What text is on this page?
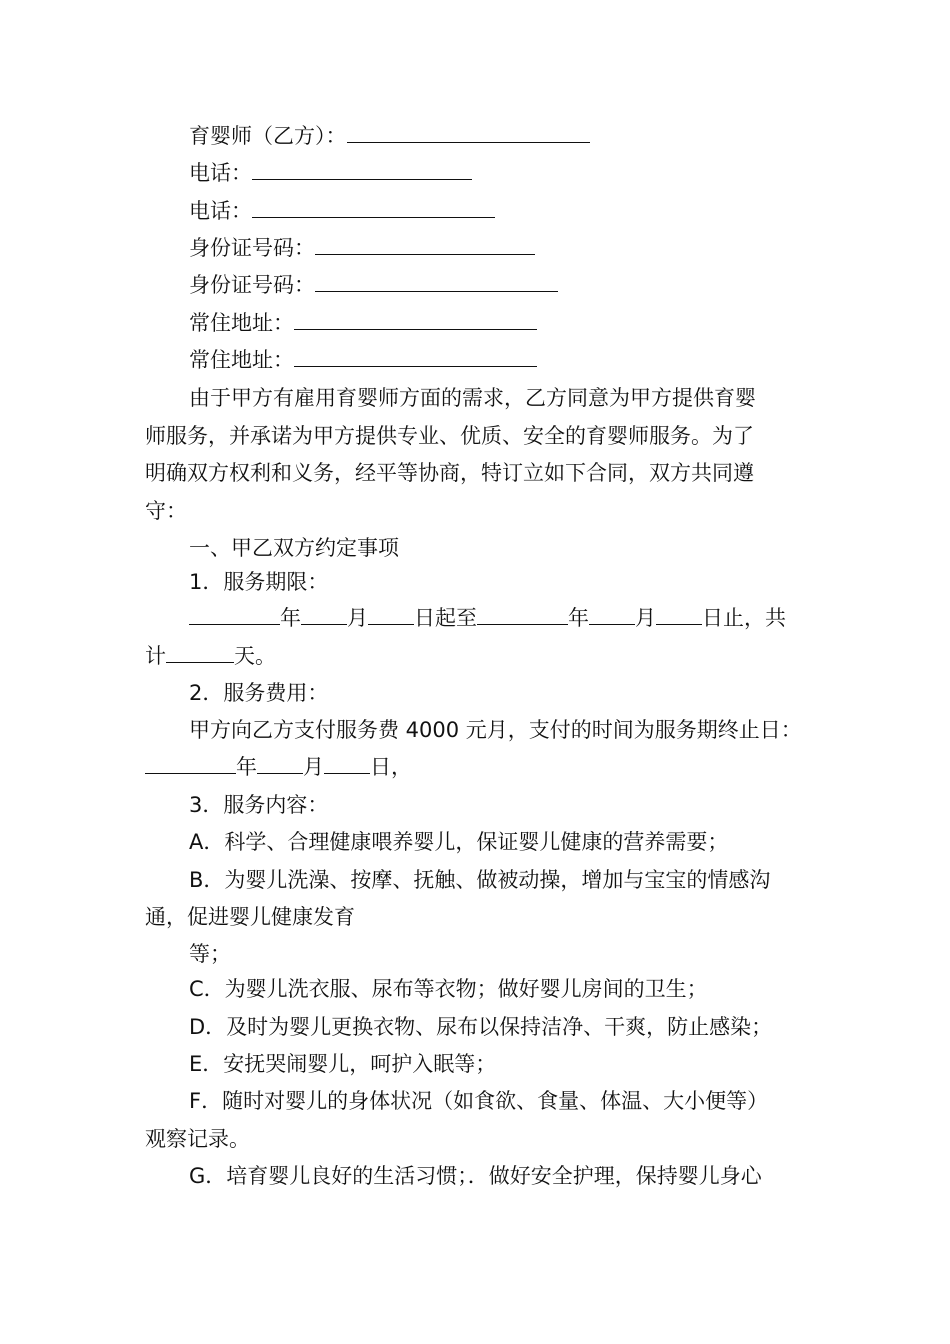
育婴师（乙方）：
电话：
电话：
身份证号码：
身份证号码：
常住地址：
常住地址：
由于甲方有雇用育婴师方面的需求，乙方同意为甲方提供育婴
师服务，并承诺为甲方提供专业、优质、安全的育婴师服务。为了
明确双方权利和义务，经平等协商，特订立如下合同，双方共同遵
守：
一、甲乙双方约定事项
1．服务期限：
年 月 日起至	年 月 日止，共
计	天。
2．服务费用：
甲方向乙方支付服务费 4000 元月，支付的时间为服务期终止日：
年 月 日，
3．服务内容：
A．科学、合理健康喂养婴儿，保证婴儿健康的营养需要；
B．为婴儿洗澡、按摩、抚触、做被动操，增加与宝宝的情感沟
通，促进婴儿健康发育
等；
C．为婴儿洗衣服、尿布等衣物；做好婴儿房间的卫生；
D．及时为婴儿更换衣物、尿布以保持洁净、干爽，防止感染；
E．安抚哭闹婴儿，呵护入眠等；
F．随时对婴儿的身体状况（如食欲、食量、体温、大小便等）
观察记录。
G．培育婴儿良好的生活习惯；．做好安全护理，保持婴儿身心
